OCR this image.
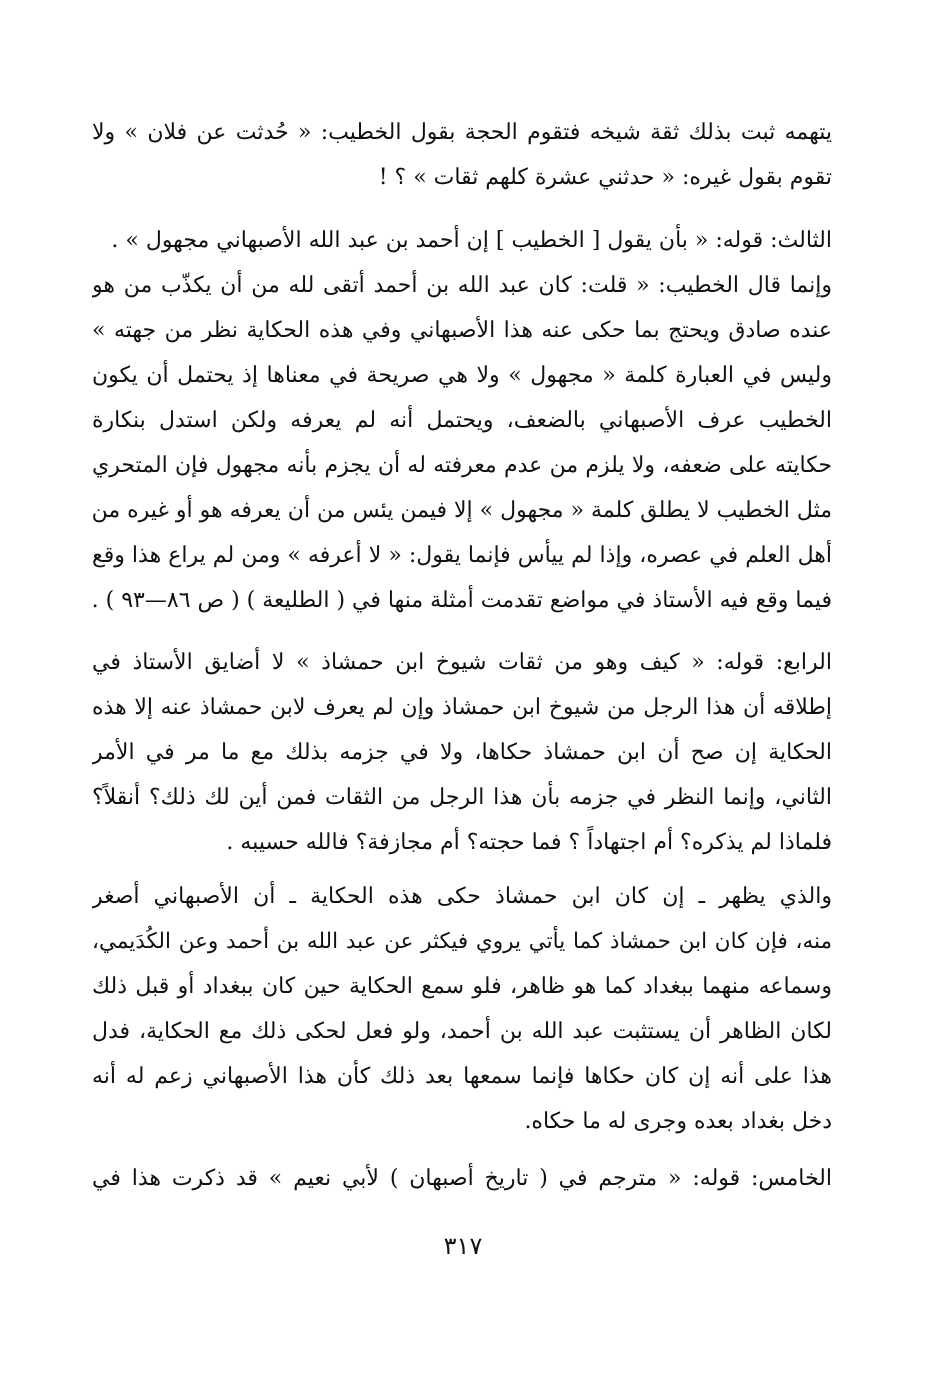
يتهمه ثبت بذلك ثقة شيخه فتقوم الحجة بقول الخطيب: « حُدثت عن فلان » ولا
تقوم بقول غيره: « حدثني عشرة كلهم ثقات » ؟ !
الثالث: قوله: « بأن يقول [ الخطيب ] إن أحمد بن عبد الله الأصبهاني مجهول » .
وإنما قال الخطيب: « قلت: كان عبد الله بن أحمد أتقى لله من أن يكذّب من هو
عنده صادق ويحتج بما حكى عنه هذا الأصبهاني وفي هذه الحكاية نظر من جهته »
وليس في العبارة كلمة « مجهول » ولا هي صريحة في معناها إذ يحتمل أن يكون
الخطيب عرف الأصبهاني بالضعف، ويحتمل أنه لم يعرفه ولكن استدل بنكارة
حكايته على ضعفه، ولا يلزم من عدم معرفته له أن يجزم بأنه مجهول فإن المتحري
مثل الخطيب لا يطلق كلمة « مجهول » إلا فيمن يئس من أن يعرفه هو أو غيره من
أهل العلم في عصره، وإذا لم ييأس فإنما يقول: « لا أعرفه » ومن لم يراع هذا وقع
فيما وقع فيه الأستاذ في مواضع تقدمت أمثلة منها في ( الطليعة ) ( ص ٨٦—٩٣ ) .
الرابع: قوله: « كيف وهو من ثقات شيوخ ابن حمشاذ » لا أضايق الأستاذ في
إطلاقه أن هذا الرجل من شيوخ ابن حمشاذ وإن لم يعرف لابن حمشاذ عنه إلا هذه
الحكاية إن صح أن ابن حمشاذ حكاها، ولا في جزمه بذلك مع ما مر في الأمر
الثاني، وإنما النظر في جزمه بأن هذا الرجل من الثقات فمن أين لك ذلك؟ أنقلاً؟
فلماذا لم يذكره؟ أم اجتهاداً ؟ فما حجته؟ أم مجازفة؟ فالله حسيبه .
والذي يظهر ـ إن كان ابن حمشاذ حكى هذه الحكاية ـ أن الأصبهاني أصغر
منه، فإن كان ابن حمشاذ كما يأتي يروي فيكثر عن عبد الله بن أحمد وعن الكُدَيمي،
وسماعه منهما ببغداد كما هو ظاهر، فلو سمع الحكاية حين كان ببغداد أو قبل ذلك
لكان الظاهر أن يستثبت عبد الله بن أحمد، ولو فعل لحكى ذلك مع الحكاية، فدل
هذا على أنه إن كان حكاها فإنما سمعها بعد ذلك كأن هذا الأصبهاني زعم له أنه
دخل بغداد بعده وجرى له ما حكاه.
الخامس: قوله: « مترجم في ( تاريخ أصبهان ) لأبي نعيم » قد ذكرت هذا في
٣١٧
